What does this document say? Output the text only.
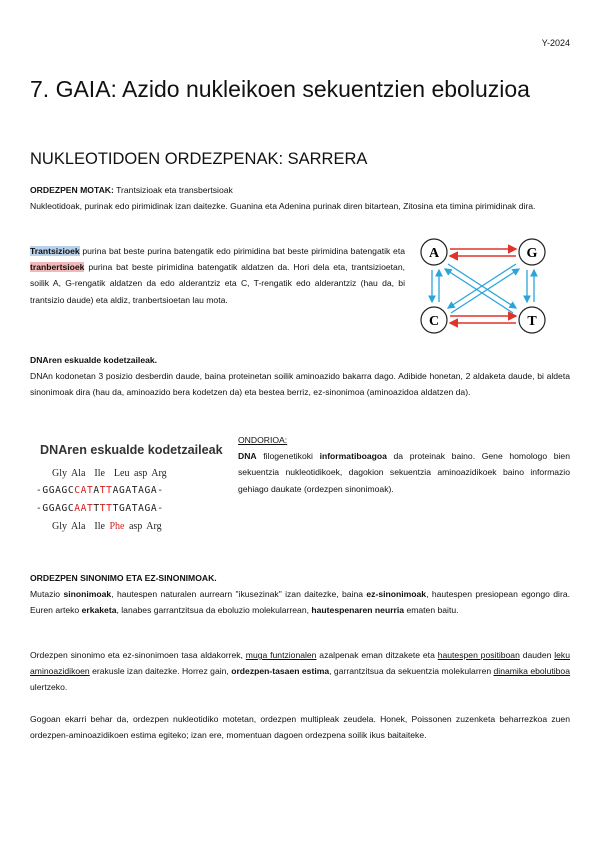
Y-2024
7. GAIA: Azido nukleikoen sekuentzien eboluzioa
NUKLEOTIDOEN ORDEZPENAK: SARRERA
ORDEZPEN MOTAK: Trantsizioak eta transbertsioak
Nukleotidoak, purinak edo pirimidinak izan daitezke. Guanina eta Adenina purinak diren bitartean, Zitosina eta timina pirimidinak dira.
Trantsizioek purina bat beste purina batengatik edo pirimidina bat beste pirimidina batengatik eta tranbertsioek purina bat beste pirimidina batengatik aldatzen da. Hori dela eta, trantsizioetan, soilik A, G-rengatik aldatzen da edo alderantziz eta C, T-rengatik edo alderantziz (hau da, bi trantsizio daude) eta aldiz, tranbertsioetan lau mota.
A	G
C	T
DNAren eskualde kodetzaileak.
DNAn kodonetan 3 posizio desberdin daude, baina proteinetan soilik aminoazido bakarra dago. Adibide honetan, 2 aldaketa daude, bi aldeta sinonimoak dira (hau da, aminoazido bera kodetzen da) eta bestea berriz, ez-sinonimoa (aminoazidoa aldatzen da).
DNAren eskualde kodetzaileak
Gly Ala  Ile  Leu asp Arg
-GGAGCCATATTAGATAGA-
-GGAGCAATTTTTGATAGA-
Gly Ala  Ile Phe asp Arg
ONDORIOA:
DNA filogenetikoki informatiboagoa da proteinak baino. Gene homologo bien sekuentzia nukleotidikoek, dagokion sekuentzia aminoazidikoek baino informazio gehiago daukate (ordezpen sinonimoak).
ORDEZPEN SINONIMO ETA EZ-SINONIMOAK.
Mutazio sinonimoak, hautespen naturalen aurrearn "ikusezinak" izan daitezke, baina ez-sinonimoak, hautespen presiopean egongo dira. Euren arteko erkaketa, lanabes garrantzitsua da eboluzio molekularrean, hautespenaren neurria ematen baitu.
Ordezpen sinonimo eta ez-sinonimoen tasa aldakorrek, muga funtzionalen azalpenak eman ditzakete eta hautespen positiboan dauden leku aminoazidikoen erakusle izan daitezke. Horrez gain, ordezpen-tasaen estima, garrantzitsua da sekuentzia molekularren dinamika ebolutiboa ulertzeko.
Gogoan ekarri behar da, ordezpen nukleotidiko motetan, ordezpen multipleak zeudela. Honek, Poissonen zuzenketa beharrezkoa zuen ordezpen-aminoazidikoen estima egiteko; izan ere, momentuan dagoen ordezpena soilik ikus baitaiteke.
